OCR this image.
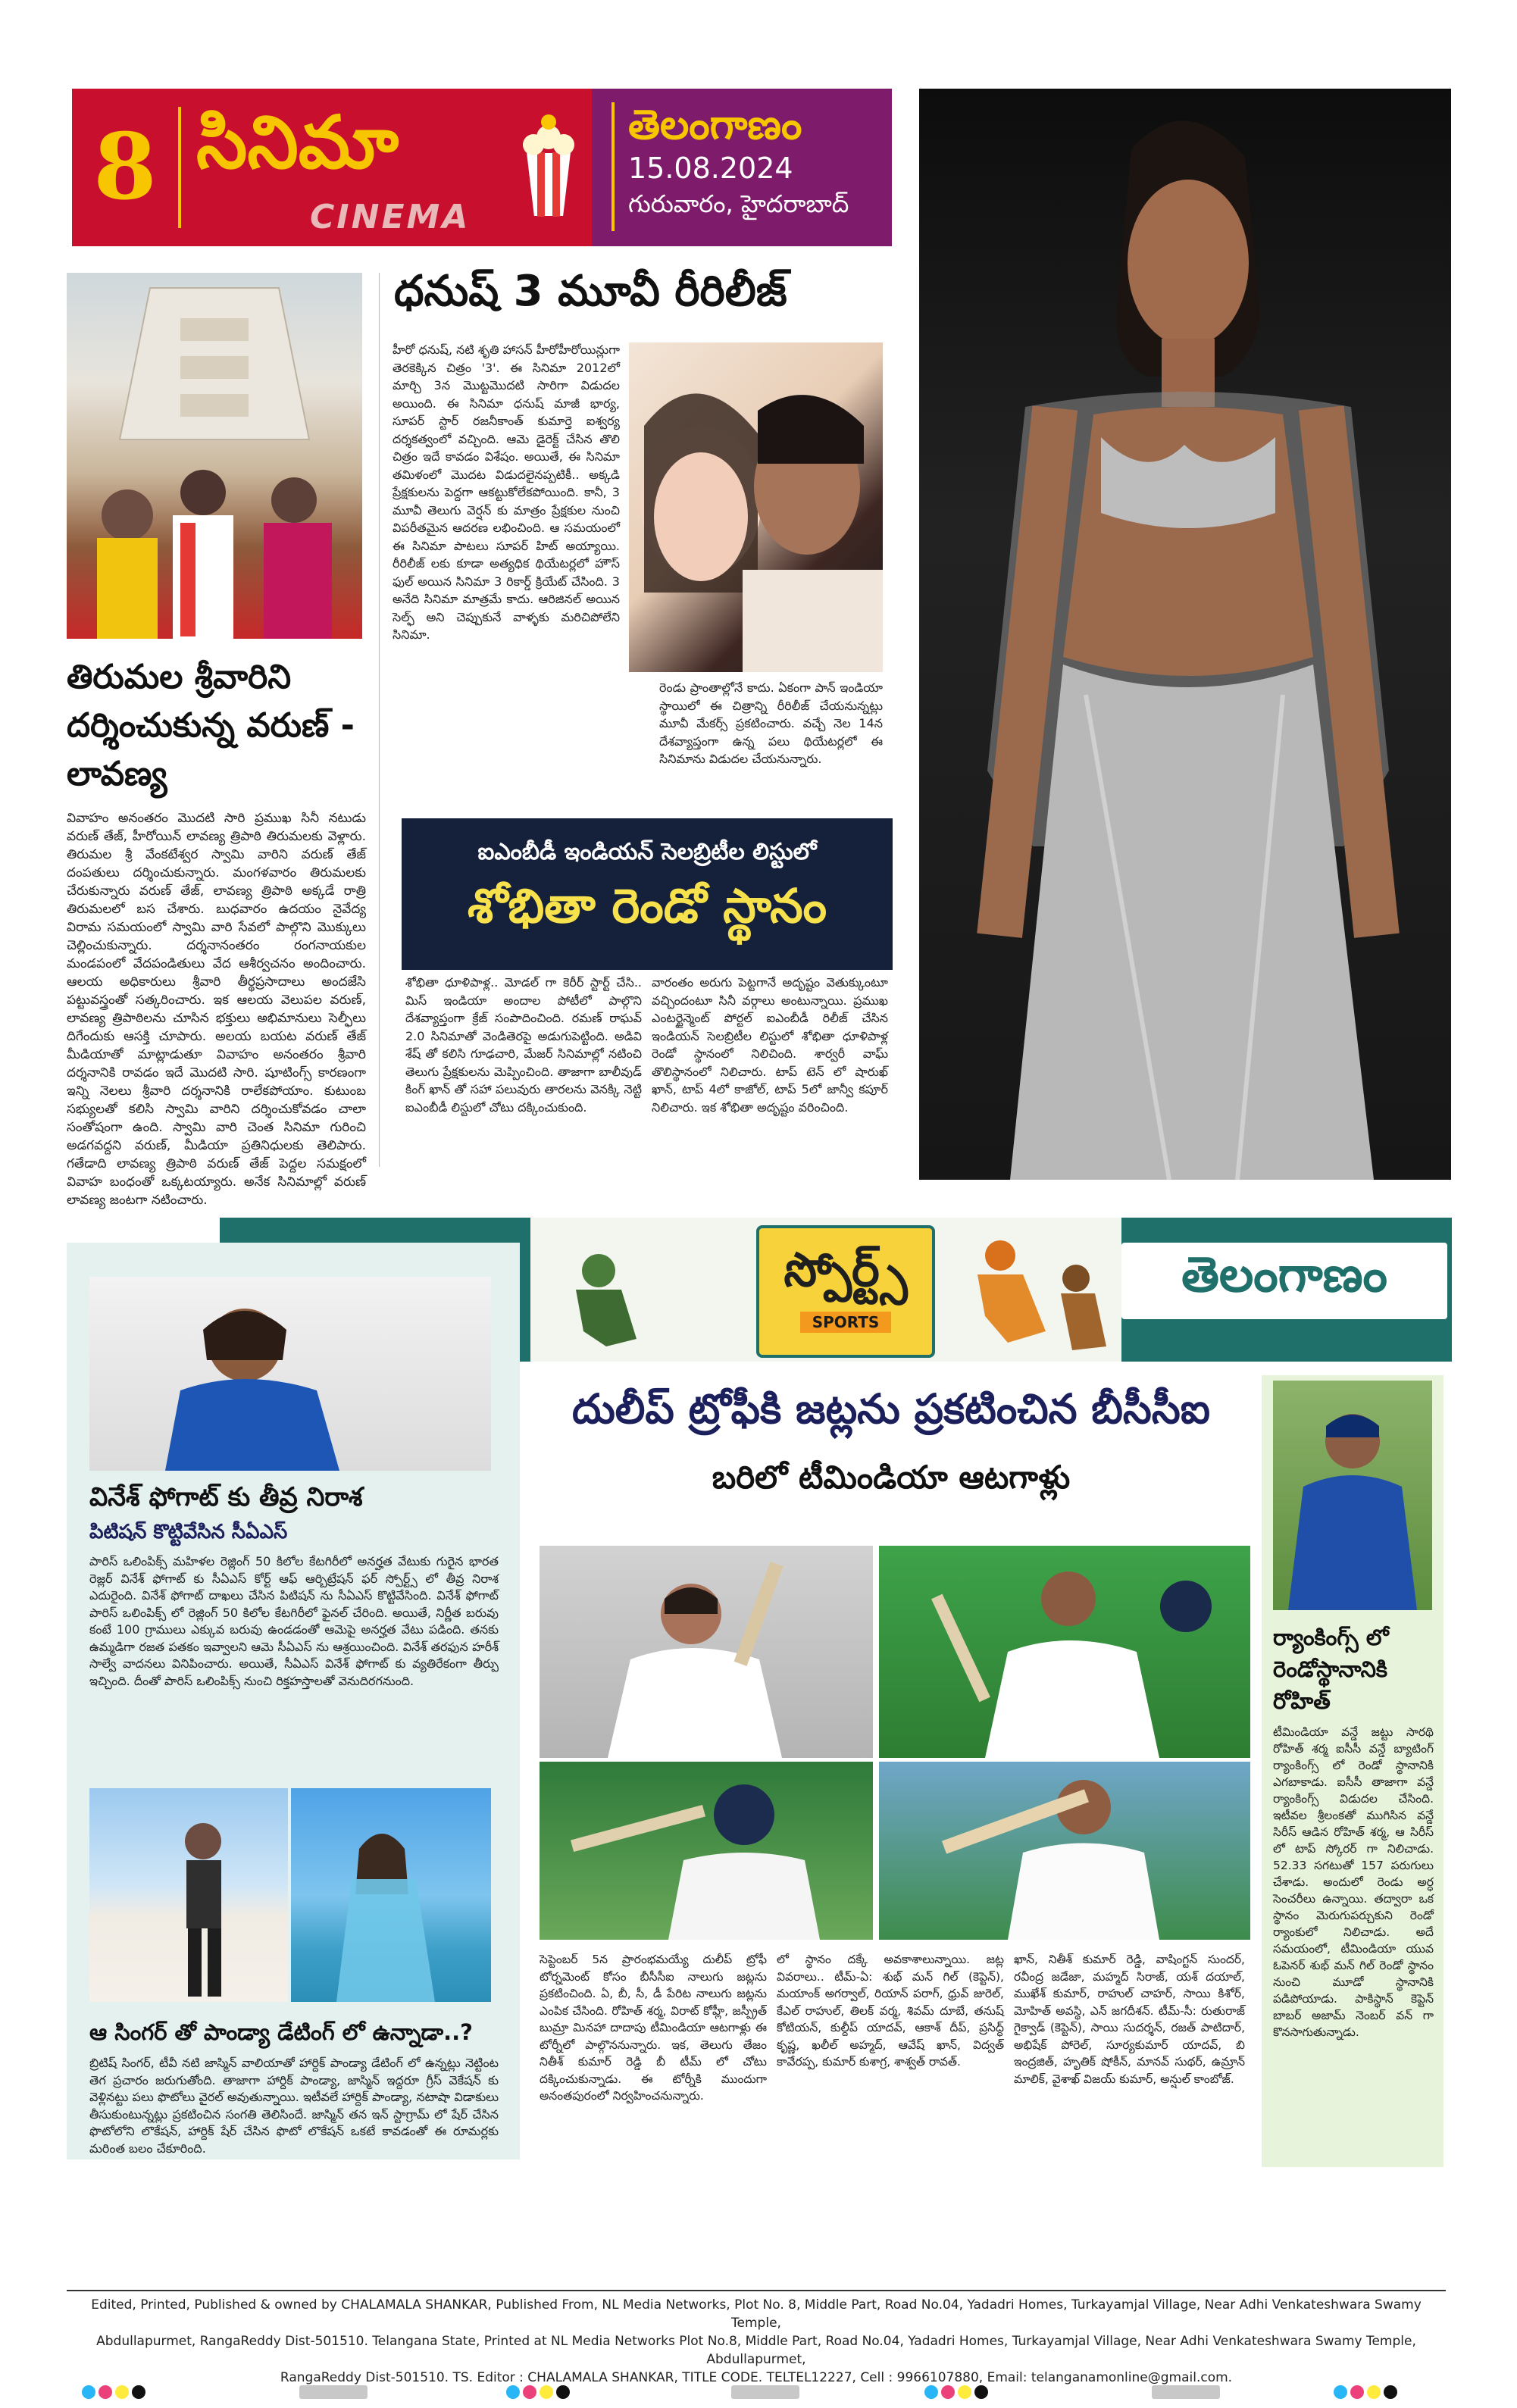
8 సినిమా
CINEMA
తెలంగాణం
15.08.2024
గురువారం, హైదరాబాద్
తిరుమల శ్రీవారిని దర్శించుకున్న వరుణ్ - లావణ్య
వివాహం అనంతరం మొదటి సారి ప్రముఖ సినీ నటుడు వరుణ్ తేజ్, హీరోయిన్ లావణ్య త్రిపాఠి తిరుమలకు వెళ్లారు. తిరుమల శ్రీ వేంకటేశ్వర స్వామి వారిని వరుణ్ తేజ్ దంపతులు దర్శించుకున్నారు. మంగళవారం తిరుమలకు చేరుకున్నారు వరుణ్ తేజ్, లావణ్య త్రిపాఠి అక్కడే రాత్రి తిరుమలలో బస చేశారు. బుధవారం ఉదయం నైవేద్య విరామ సమయంలో స్వామి వారి సేవలో పాల్గొని మొక్కులు చెల్లించుకున్నారు. దర్శనానంతరం రంగనాయకుల మండపంలో వేదపండితులు వేద ఆశీర్వచనం అందించారు. ఆలయ అధికారులు శ్రీవారి తీర్థప్రసాదాలు అందజేసి పట్టువస్త్రంతో సత్కరించారు. ఇక ఆలయ వెలుపల వరుణ్, లావణ్య త్రిపాఠిలను చూసిన భక్తులు అభిమానులు సెల్ఫీలు దిగేందుకు ఆసక్తి చూపారు. అలయ బయట వరుణ్ తేజ్ మీడియాతో మాట్లాడుతూ వివాహం అనంతరం శ్రీవారి దర్శనానికి రావడం ఇదే మొదటి సారి. షూటింగ్స్ కారణంగా ఇన్ని నెలలు శ్రీవారి దర్శనానికి రాలేకపోయాం. కుటుంబ సభ్యులతో కలిసి స్వామి వారిని దర్శించుకోవడం చాలా సంతోషంగా ఉంది. స్వామి వారి చెంత సినిమా గురించి అడగవద్దని వరుణ్, మీడియా ప్రతినిధులకు తెలిపారు. గతేడాది లావణ్య త్రిపాఠి వరుణ్ తేజ్ పెద్దల సమక్షంలో వివాహ బంధంతో ఒక్కటయ్యారు. అనేక సినిమాల్లో వరుణ్ లావణ్య జంటగా నటించారు.
ధనుష్ 3 మూవీ రీరిలీజ్
హీరో ధనుష్, నటి శృతి హాసన్ హీరోహీరోయిన్లుగా తెరకెక్కిన చిత్రం '3'. ఈ సినిమా 2012లో మార్చి 3న మొట్టమొదటి సారిగా విడుదల అయింది. ఈ సినిమా ధనుష్ మాజీ భార్య, సూపర్ స్టార్ రజనీకాంత్ కుమార్తె ఐశ్వర్య దర్శకత్వంలో వచ్చింది. ఆమె డైరెక్ట్ చేసిన తొలి చిత్రం ఇదే కావడం విశేషం. అయితే, ఈ సినిమా తమిళంలో మొదట విడుదలైనప్పటికీ.. అక్కడి ప్రేక్షకులను పెద్దగా ఆకట్టుకోలేకపోయింది. కానీ, 3 మూవీ తెలుగు వెర్షన్ కు మాత్రం ప్రేక్షకుల నుంచి విపరీతమైన ఆదరణ లభించింది. ఆ సమయంలో ఈ సినిమా పాటలు సూపర్ హిట్ అయ్యాయి. రీరిలీజ్ లకు కూడా అత్యధిక థియేటర్లలో హౌస్ ఫుల్ అయిన సినిమా 3 రికార్డ్ క్రియేట్ చేసింది. 3 అనేది సినిమా మాత్రమే కాదు. ఆరిజినల్ అయిన సెల్ఫ్ అని చెప్పుకునే వాళ్ళకు మరిచిపోలేని సినిమా.
రెండు ప్రాంతాల్లోనే కాదు. ఏకంగా పాన్ ఇండియా స్థాయిలో ఈ చిత్రాన్ని రీరిలీజ్ చేయనున్నట్లు మూవీ మేకర్స్ ప్రకటించారు. వచ్చే నెల 14న దేశవ్యాప్తంగా ఉన్న పలు థియేటర్లలో ఈ సినిమాను విడుదల చేయనున్నారు.
ఐఎంబీడీ ఇండియన్ సెలబ్రిటీల లిస్టులో
శోభితా రెండో స్థానం
శోభితా ధూళిపాళ్ల.. మోడల్ గా కెరీర్ స్టార్ట్ చేసి.. మిస్ ఇండియా అందాల పోటీలో పాల్గొని దేశవ్యాప్తంగా క్రేజ్ సంపాదించింది. రమణ్ రాఘవ్ 2.0 సినిమాతో వెండితెరపై అడుగుపెట్టింది. అడివి శేష్ తో కలిసి గూఢచారి, మేజర్ సినిమాల్లో నటించి తెలుగు ప్రేక్షకులను మెప్పించింది. తాజాగా బాలీవుడ్ కింగ్ ఖాన్ తో సహా పలువురు తారలను వెనక్కి నెట్టి ఐఎంబీడీ లిస్టులో చోటు దక్కించుకుంది.
వారంతం అరుగు పెట్టగానే అదృష్టం వెతుక్కుంటూ వచ్చిందంటూ సినీ వర్గాలు అంటున్నాయి. ప్రముఖ ఎంటర్టైన్మెంట్ పోర్టల్ ఐఎంబీడీ రిలీజ్ చేసిన ఇండియన్ సెలబ్రిటీల లిస్టులో శోభితా ధూళిపాళ్ల రెండో స్థానంలో నిలిచింది. శార్వరీ వాఘ్ తొలిస్థానంలో నిలిచారు. టాప్ టెన్ లో షారుఖ్ ఖాన్, టాప్ 4లో కాజోల్, టాప్ 5లో జాన్వీ కపూర్ నిలిచారు. ఇక శోభితా అదృష్టం వరించింది.
స్పోర్ట్స్
SPORTS
తెలంగాణం
వినేశ్ ఫోగాట్ కు తీవ్ర నిరాశ
పిటిషన్ కొట్టివేసిన సీఏఎస్
పారిస్ ఒలింపిక్స్ మహిళల రెజ్లింగ్ 50 కిలోల కేటగిరీలో అనర్హత వేటుకు గురైన భారత రెజ్లర్ వినేశ్ ఫోగాట్ కు సీఏఎస్ కోర్ట్ ఆఫ్ ఆర్బిట్రేషన్ ఫర్ స్పోర్ట్స్ లో తీవ్ర నిరాశ ఎదురైంది. వినేశ్ ఫోగాట్ దాఖలు చేసిన పిటిషన్ ను సీఏఎస్ కొట్టివేసింది. వినేశ్ ఫోగాట్ పారిస్ ఒలింపిక్స్ లో రెజ్లింగ్ 50 కిలోల కేటగిరీలో ఫైనల్ చేరింది. అయితే, నిర్ణీత బరువు కంటే 100 గ్రాములు ఎక్కువ బరువు ఉండడంతో ఆమెపై అనర్హత వేటు పడింది. తనకు ఉమ్మడిగా రజత పతకం ఇవ్వాలని ఆమె సీఏఎస్ ను ఆశ్రయించింది. వినేశ్ తరఫున హరీశ్ సాల్వే వాదనలు వినిపించారు. అయితే, సీఏఎస్ వినేశ్ ఫోగాట్ కు వ్యతిరేకంగా తీర్పు ఇచ్చింది. దీంతో పారిస్ ఒలింపిక్స్ నుంచి రిక్తహస్తాలతో వెనుదిరగనుంది.
ఆ సింగర్ తో పాండ్యా డేటింగ్ లో ఉన్నాడా..?
బ్రిటిష్ సింగర్, టీవీ నటి జాస్మిన్ వాలియాతో హార్దిక్ పాండ్యా డేటింగ్ లో ఉన్నట్లు నెట్టింట తెగ ప్రచారం జరుగుతోంది. తాజాగా హార్దిక్ పాండ్యా, జాస్మిన్ ఇద్దరూ గ్రీస్ వెకేషన్ కు వెళ్లినట్టు పలు ఫొటోలు వైరల్ అవుతున్నాయి. ఇటీవలే హార్దిక్ పాండ్యా, నటాషా విడాకులు తీసుకుంటున్నట్లు ప్రకటించిన సంగతి తెలిసిందే. జాస్మిన్ తన ఇన్ స్టాగ్రామ్ లో షేర్ చేసిన ఫొటోలోని లొకేషన్, హార్దిక్ షేర్ చేసిన ఫొటో లొకేషన్ ఒకటే కావడంతో ఈ రూమర్లకు మరింత బలం చేకూరింది.
దులీప్ ట్రోఫీకి జట్లను ప్రకటించిన బీసీసీఐ
బరిలో టీమిండియా ఆటగాళ్లు
సెప్టెంబర్ 5న ప్రారంభమయ్యే దులీప్ ట్రోఫీ టోర్నమెంట్ కోసం బీసీసీఐ నాలుగు జట్లను ప్రకటించింది. ఏ, బీ, సీ, డీ పేరిట నాలుగు జట్లను ఎంపిక చేసింది. రోహిత్ శర్మ, విరాట్ కోహ్లీ, జస్ప్రీత్ బుమ్రా మినహా దాదాపు టీమిండియా ఆటగాళ్లు ఈ టోర్నీలో పాల్గొననున్నారు. ఇక, తెలుగు తేజం నితీశ్ కుమార్ రెడ్డి బీ టీమ్ లో చోటు దక్కించుకున్నాడు. ఈ టోర్నీకి ముందుగా అనంతపురంలో నిర్వహించనున్నారు.
లో స్థానం దక్కే అవకాశాలున్నాయి. జట్ల వివరాలు.. టీమ్-ఏ: శుభ్ మన్ గిల్ (కెప్టెన్), మయాంక్ అగర్వాల్, రియాన్ పరాగ్, ధ్రువ్ జురెల్, కేఎల్ రాహుల్, తిలక్ వర్మ, శివమ్ దూబే, తనుష్ కోటియన్, కుల్దీప్ యాదవ్, ఆకాశ్ దీప్, ప్రసిద్ధ్ కృష్ణ, ఖలీల్ అహ్మద్, ఆవేష్ ఖాన్, విద్వత్ కావేరప్ప, కుమార్ కుశాగ్ర, శాశ్వత్ రావత్.
ఖాన్, నితీశ్ కుమార్ రెడ్డి, వాషింగ్టన్ సుందర్, రవీంద్ర జడేజా, మహ్మద్ సిరాజ్, యశ్ దయాల్, ముఖేశ్ కుమార్, రాహుల్ చాహర్, సాయి కిశోర్, మోహిత్ అవస్థి, ఎన్ జగదీశన్. టీమ్-సీ: రుతురాజ్ గైక్వాడ్ (కెప్టెన్), సాయి సుదర్శన్, రజత్ పాటిదార్, అభిషేక్ పోరెల్, సూర్యకుమార్ యాదవ్, బి ఇంద్రజిత్, హృతిక్ షోకీన్, మానవ్ సుథర్, ఉమ్రాన్ మాలిక్, వైశాఖ్ విజయ్ కుమార్, అన్షుల్ కాంబోజ్.
ర్యాంకింగ్స్ లో రెండోస్థానానికి రోహిత్
టీమిండియా వన్డే జట్టు సారథి రోహిత్ శర్మ ఐసీసీ వన్డే బ్యాటింగ్ ర్యాంకింగ్స్ లో రెండో స్థానానికి ఎగబాకాడు. ఐసీసీ తాజాగా వన్డే ర్యాంకింగ్స్ విడుదల చేసింది. ఇటీవల శ్రీలంకతో ముగిసిన వన్డే సిరీస్ ఆడిన రోహిత్ శర్మ, ఆ సిరీస్ లో టాప్ స్కోరర్ గా నిలిచాడు. 52.33 సగటుతో 157 పరుగులు చేశాడు. అందులో రెండు అర్ధ సెంచరీలు ఉన్నాయి. తద్వారా ఒక స్థానం మెరుగుపర్చుకుని రెండో ర్యాంకులో నిలిచాడు. అదే సమయంలో, టీమిండియా యువ ఓపెనర్ శుభ్ మన్ గిల్ రెండో స్థానం నుంచి మూడో స్థానానికి పడిపోయాడు. పాకిస్థాన్ కెప్టెన్ బాబర్ అజామ్ నెంబర్ వన్ గా కొనసాగుతున్నాడు.
Edited, Printed, Published & owned by CHALAMALA SHANKAR, Published From, NL Media Networks, Plot No. 8, Middle Part, Road No.04, Yadadri Homes, Turkayamjal Village, Near Adhi Venkateshwara Swamy Temple,
Abdullapurmet, RangaReddy Dist-501510. Telangana State, Printed at NL Media Networks Plot No.8, Middle Part, Road No.04, Yadadri Homes, Turkayamjal Village, Near Adhi Venkateshwara Swamy Temple, Abdullapurmet,
RangaReddy Dist-501510. TS. Editor : CHALAMALA SHANKAR, TITLE CODE. TELTEL12227, Cell : 9966107880, Email: telanganamonline@gmail.com.
